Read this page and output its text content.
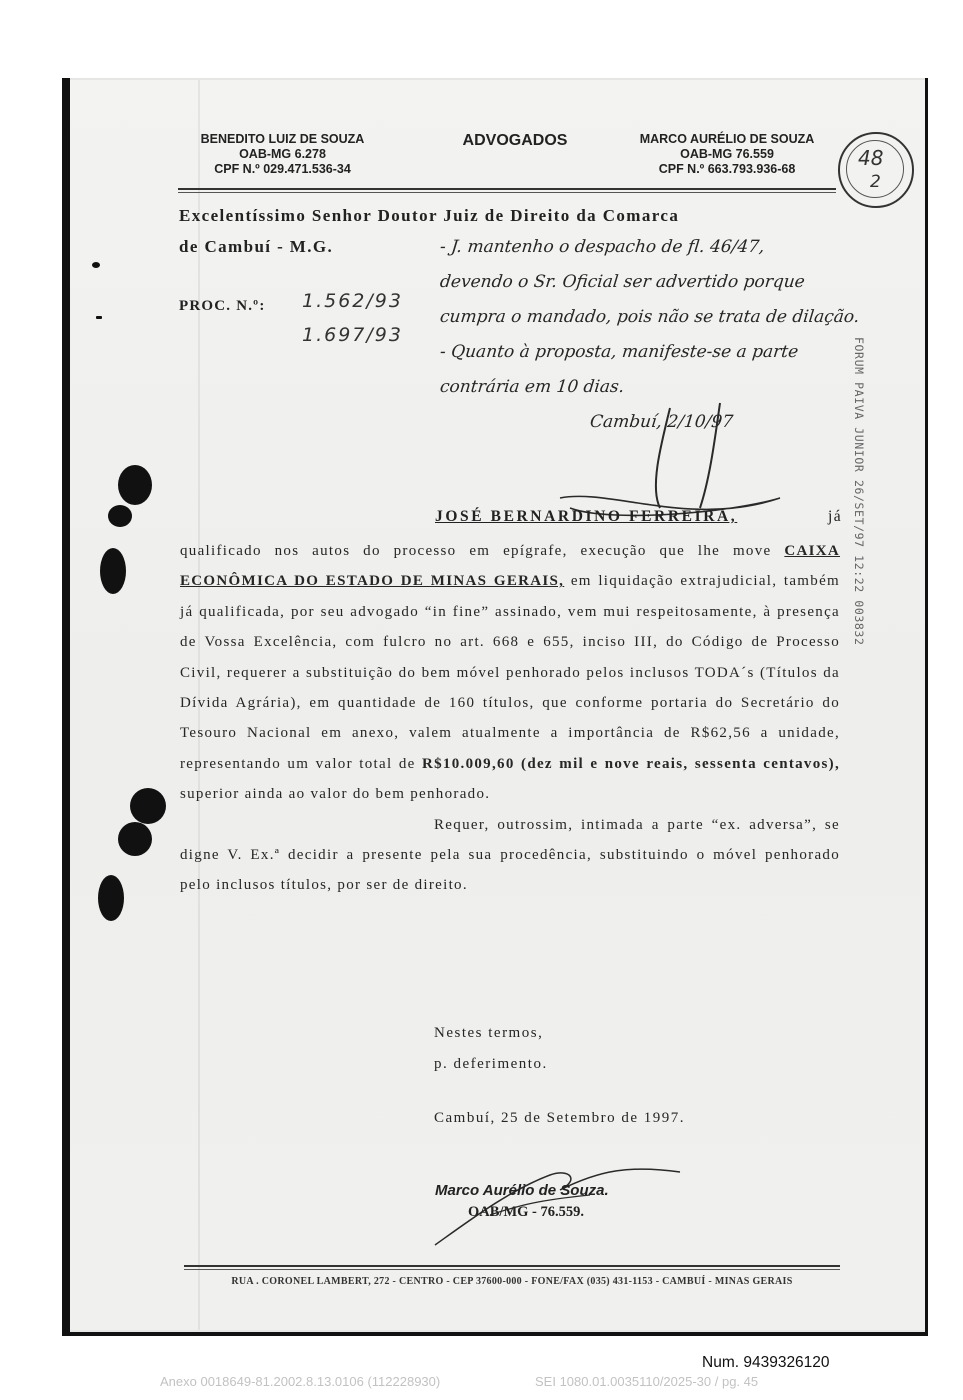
BENEDITO LUIZ DE SOUZA
OAB-MG 6.278
CPF N.º 029.471.536-34
ADVOGADOS	MARCO AURÉLIO DE SOUZA
OAB-MG 76.559
CPF N.º 663.793.936-68	48
2
Excelentíssimo Senhor Doutor Juiz de Direito da Comarca
de Cambuí - M.G.
PROC. N.º: 1.562/93
1.697/93
- J. mantenho o despacho de fl. 46/47,
devendo o Sr. Oficial ser advertido porque
cumpra o mandado, pois não se trata de dilação.
- Quanto à proposta, manifeste-se a parte
contrária em 10 dias.
Cambuí, 2/10/97	FORUM PAIVA JUNIOR 26/SET/97 12:22 003832
JOSÉ BERNARDINO FERREIRA,	já

qualificado nos autos do processo em epígrafe, execução que lhe move CAIXA ECONÔMICA DO ESTADO DE MINAS GERAIS, em liquidação extrajudicial, também já qualificada, por seu advogado “in fine” assinado, vem mui respeitosamente, à presença de Vossa Excelência, com fulcro no art. 668 e 655, inciso III, do Código de Processo Civil, requerer a substituição do bem móvel penhorado pelos inclusos TODA´s (Títulos da Dívida Agrária), em quantidade de 160 títulos, que conforme portaria do Secretário do Tesouro Nacional em anexo, valem atualmente a importância de R$62,56 a unidade, representando um valor total de R$10.009,60 (dez mil e nove reais, sessenta centavos), superior ainda ao valor do bem penhorado.

Requer, outrossim, intimada a parte “ex. adversa”, se digne V. Ex.ª decidir a presente pela sua procedência, substituindo o móvel penhorado pelo inclusos títulos, por ser de direito.

Nestes termos,
p. deferimento.
Cambuí, 25 de Setembro de 1997.
Marco Aurélio de Souza.
OAB/MG - 76.559.
RUA . CORONEL LAMBERT, 272 - CENTRO - CEP 37600-000 - FONE/FAX (035) 431-1153 - CAMBUÍ - MINAS GERAIS
Num. 9439326120
Anexo 0018649-81.2002.8.13.0106 (112228930)	SEI 1080.01.0035110/2025-30 / pg. 45
